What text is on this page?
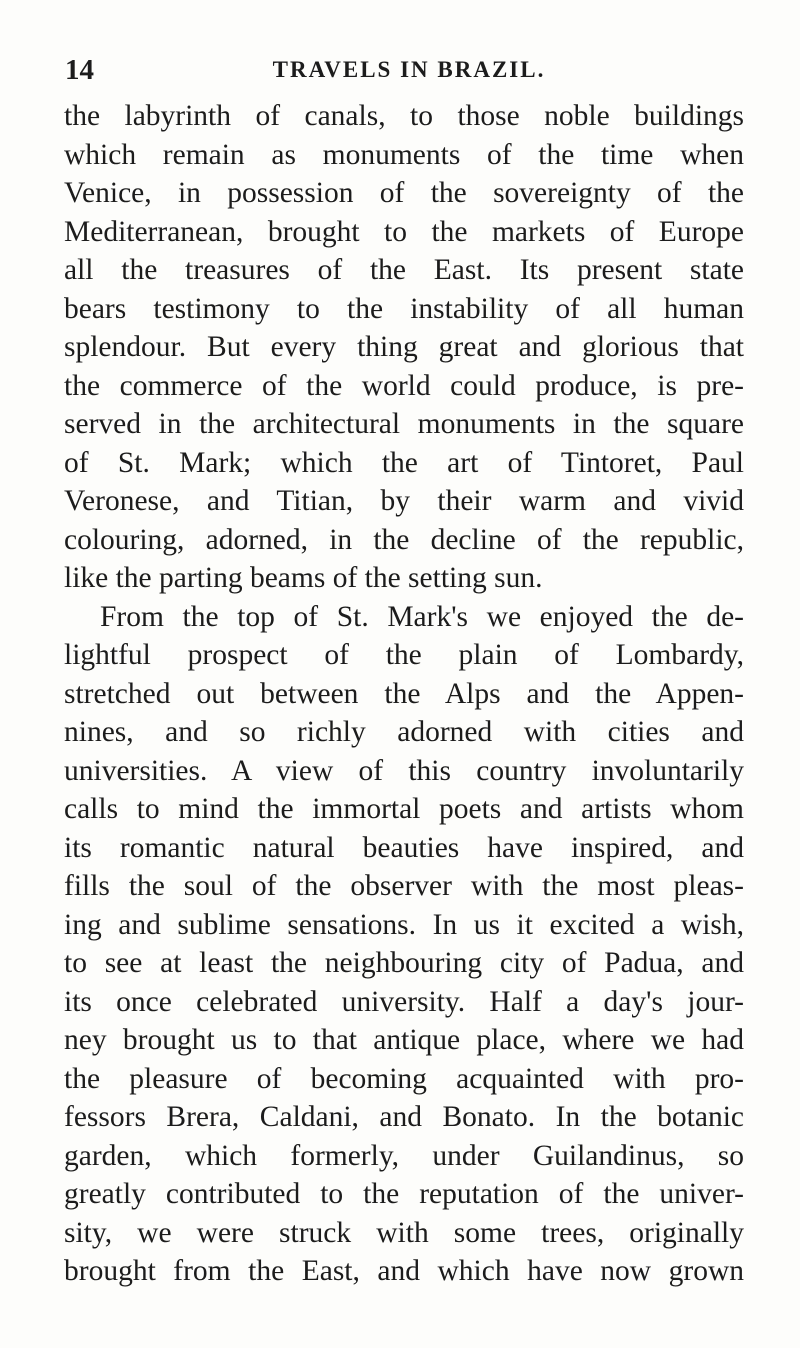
14	TRAVELS IN BRAZIL.
the labyrinth of canals, to those noble buildings
which remain as monuments of the time when
Venice, in possession of the sovereignty of the
Mediterranean, brought to the markets of Europe
all the treasures of the East. Its present state
bears testimony to the instability of all human
splendour. But every thing great and glorious that
the commerce of the world could produce, is pre-
served in the architectural monuments in the square
of St. Mark; which the art of Tintoret, Paul
Veronese, and Titian, by their warm and vivid
colouring, adorned, in the decline of the republic,
like the parting beams of the setting sun.
From the top of St. Mark's we enjoyed the de-
lightful prospect of the plain of Lombardy,
stretched out between the Alps and the Appen-
nines, and so richly adorned with cities and
universities. A view of this country involuntarily
calls to mind the immortal poets and artists whom
its romantic natural beauties have inspired, and
fills the soul of the observer with the most pleas-
ing and sublime sensations. In us it excited a wish,
to see at least the neighbouring city of Padua, and
its once celebrated university. Half a day's jour-
ney brought us to that antique place, where we had
the pleasure of becoming acquainted with pro-
fessors Brera, Caldani, and Bonato. In the botanic
garden, which formerly, under Guilandinus, so
greatly contributed to the reputation of the univer-
sity, we were struck with some trees, originally
brought from the East, and which have now grown
